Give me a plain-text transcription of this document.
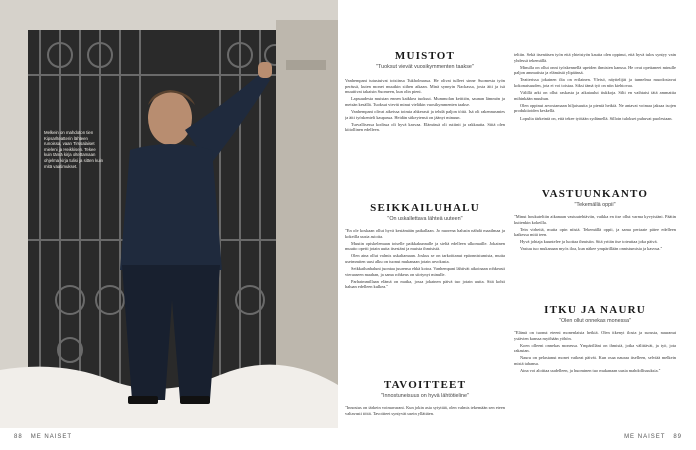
Melkein on mahdoton tien Kipsarlteatterin lähteen runoissa, vaan Tirssalaiset mieleni ja Heikkisen. Tekee kuin tämä kirja oltettamaan ohjelma kirja tulisi ja sitten kuin mitä vaatimukset.
88 ME NAISET
MUISTOT
"Tuoksut vievät vuosikymmenten taakse"

Vanhempani tutustuivat toisiinsa Tukholmassa. He olivat tulleet sinne Suomesta työn perässä, kuten monet muutkin siihen aikaan. Minä synnyin Nackassa, josta äiti ja isä muuttivat takaisin Suomeen, kun olin pieni.

Lapsuudesta muistan ennen kaikkea tuoksut. Mummolan keittiön, saunan lämmön ja metsän kesällä. Tuoksut vievät minut vieläkin vuosikymmenten taakse.

Vanhempani olivat aikeissa toimia ahkerasti ja tehdä paljon töitä. Isä oli rakennusmies ja äiti työskenteli kaupassa. Heidän sitkeytensä on jäänyt minuun.

Turvallisessa kodissa oli hyvä kasvaa. Elämässä oli rutiinit ja rakkautta. Siitä olen kiitollinen edelleen.

SEIKKAILUHALU
"On uskallettava lähteä uuteen"

"En ole koskaan ollut hyvä kestämään paikallaan. Jo nuorena halusin nähdä maailmaa ja kokeilla uusia asioita.

Muutin opiskelemaan toiselle paikkakunnalle ja sieltä edelleen ulkomaille. Jokainen muutto opetti jotain uutta itsestäni ja muista ihmisistä.

Olen aina ollut valmis uskaltamaan. Joskus se on tarkoittanut epäonnistumista, mutta useimmiten uusi alku on tuonut mukanaan jotain arvokasta.

Seikkailunhaluni juontaa juurensa ehkä kotoa. Vanhempani lähtivät aikoinaan rohkeasti vieraaseen maahan, ja sama rohkeus on siirtynyt minulle.

Parhaimmillaan elämä on matka, jossa jokainen päivä tuo jotain uutta. Sitä kohti haluan edelleen kulkea."

TAVOITTEET
"Innostuneisuus on hyvä lähtötieline"

"Innostus on tärkein voimavarani. Kun jokin asia sytyttää, olen valmis tekemään sen eteen valtavasti töitä. Tavoitteet syntyvät usein yllättäen.

teltiin. Sekä itsenäisen työn että yhteistyön kautta olen oppinut, että hyvä tulos syntyy vain yhdessä tekemällä.

Minulla on ollut onni työskennellä upeiden ihmisten kanssa. He ovat opettaneet minulle paljon ammatista ja elämästä ylipäänsä.

Teatterissa jokainen ilta on erilainen. Yleisö, näyttelijät ja tunnelma muodostavat kokonaisuuden, jota ei voi toistaa. Siksi tämä työ on niin kiehtovaa.

Välillä arki on ollut raskasta ja aikataulut tiukkoja. Silti en vaihtaisi tätä ammattia mihinkään muuhun.

Olen oppinut arvostamaan hiljaisuutta ja pieniä hetkiä. Ne antavat voimaa jaksaa isojen produktioiden keskellä.

Lopulta tärkeintä on, että tekee työtään sydämellä. Silloin tulokset puhuvat puolestaan.

VASTUUNKANTO
"Tekemällä oppii"

"Minut houkuteltiin aikanaan vastuutehtäviin, vaikka en itse ollut varma kyvyistäni. Päätin kuitenkin kokeilla.

Tein virheitä, mutta opin niistä. Tekemällä oppii, ja sama periaate pätee edelleen kaikessa mitä teen.

Hyvä johtaja kuuntelee ja luottaa ihmisiin. Sitä yritän itse toteuttaa joka päivä.

Vastuu tuo mukanaan myös iloa, kun näkee ympärillään onnistumisia ja kasvua."

ITKU JA NAURU
"Olen ollut onnekas monessa"

"Elämä on tuonut eteeni monenlaisia hetkiä. Olen itkenyt ilosta ja surusta, nauranut ystävien kanssa myöhään yöhön.

Koen olleeni onnekas monessa. Ympärilläni on ihmisiä, jotka välittävät, ja työ, jota rakastan.

Nauru on pelastanut monet vaikeat päivät. Kun osaa nauraa itselleen, selviää melkein mistä tahansa.

Aina voi aloittaa uudelleen, ja huominen tuo mukanaan uusia mahdollisuuksia."

ME NAISET 89
